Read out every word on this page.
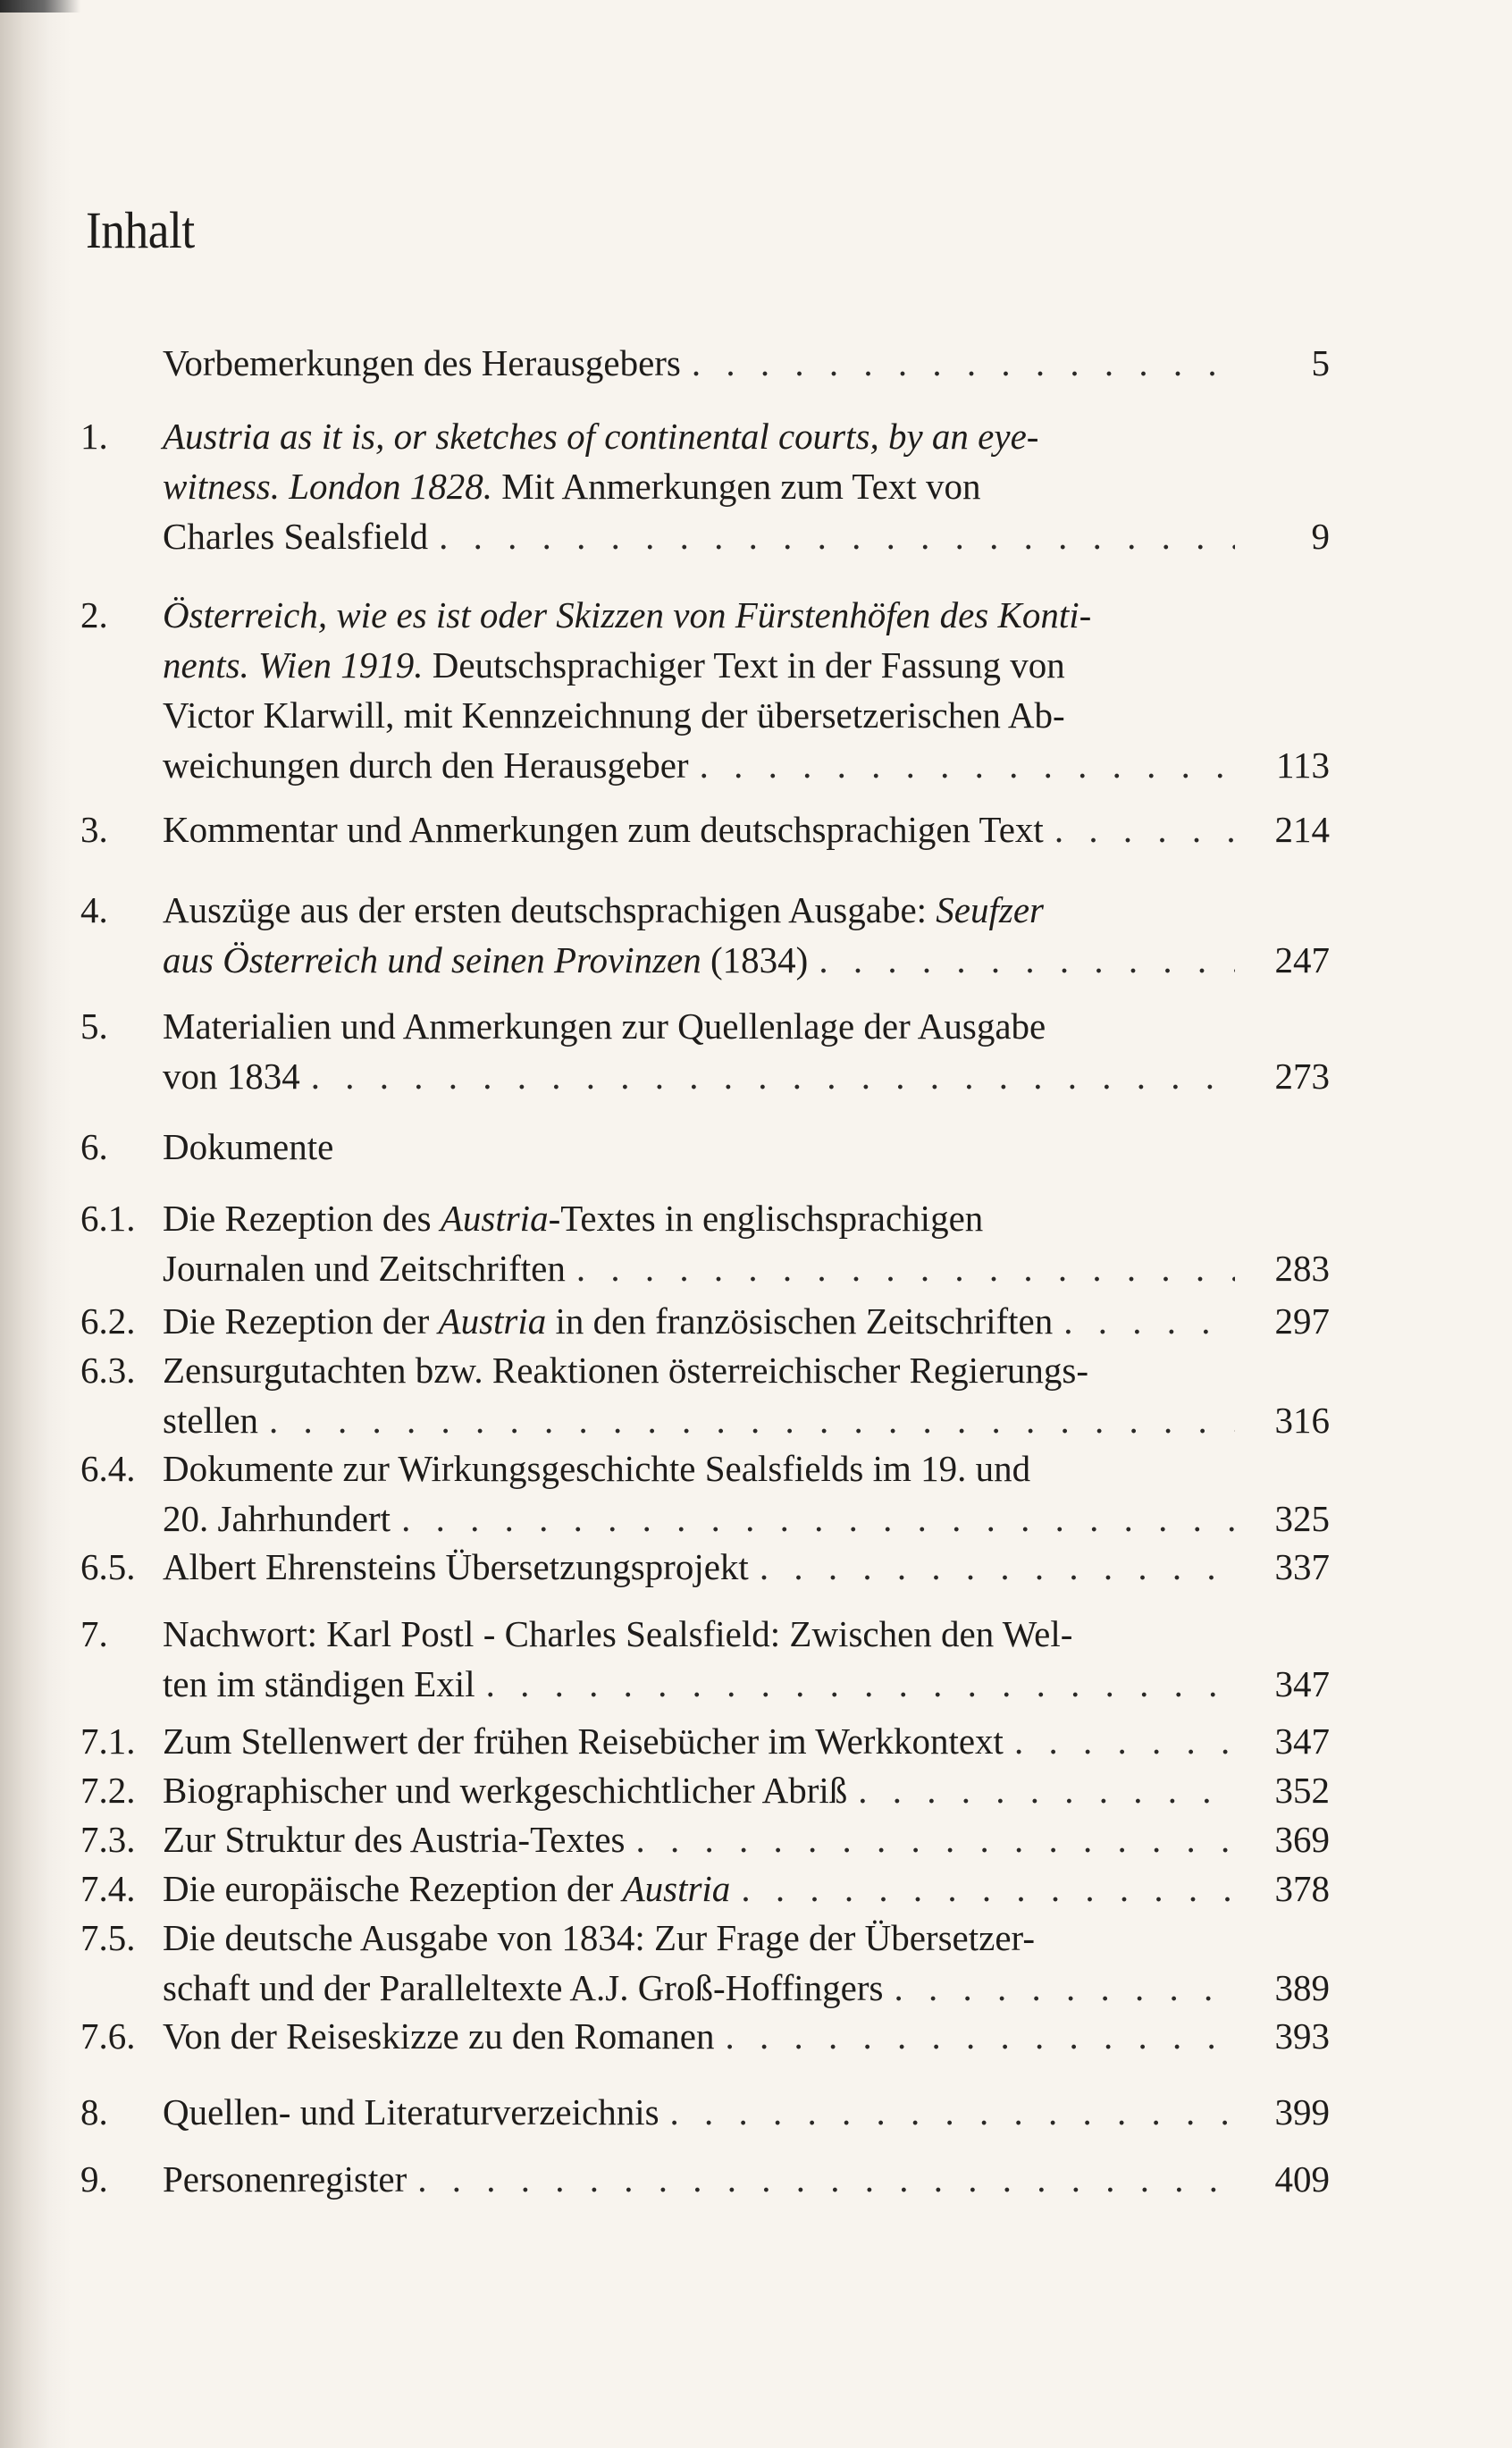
Inhalt
Vorbemerkungen des Herausgebers . . .	5
1. Austria as it is, or sketches of continental courts, by an eye-
witness. London 1828. Mit Anmerkungen zum Text von
Charles Sealsfield . . .	9
2. Österreich, wie es ist oder Skizzen von Fürstenhöfen des Konti-
nents. Wien 1919. Deutschsprachiger Text in der Fassung von
Victor Klarwill, mit Kennzeichnung der übersetzerischen Ab-
weichungen durch den Herausgeber . . .	113
3. Kommentar und Anmerkungen zum deutschsprachigen Text . . .	214
4. Auszüge aus der ersten deutschsprachigen Ausgabe: Seufzer
aus Österreich und seinen Provinzen (1834) . . .	247
5. Materialien und Anmerkungen zur Quellenlage der Ausgabe
von 1834 . . .	273
6. Dokumente
6.1. Die Rezeption des Austria-Textes in englischsprachigen
Journalen und Zeitschriften . . .	283
6.2. Die Rezeption der Austria in den französischen Zeitschriften . . .	297
6.3. Zensurgutachten bzw. Reaktionen österreichischer Regierungs-
stellen . . .	316
6.4. Dokumente zur Wirkungsgeschichte Sealsfields im 19. und
20. Jahrhundert . . .	325
6.5. Albert Ehrensteins Übersetzungsprojekt . . .	337
7. Nachwort: Karl Postl - Charles Sealsfield: Zwischen den Wel-
ten im ständigen Exil . . .	347
7.1. Zum Stellenwert der frühen Reisebücher im Werkkontext . . .	347
7.2. Biographischer und werkgeschichtlicher Abriß . . .	352
7.3. Zur Struktur des Austria-Textes . . .	369
7.4. Die europäische Rezeption der Austria . . .	378
7.5. Die deutsche Ausgabe von 1834: Zur Frage der Übersetzer-
schaft und der Paralleltexte A.J. Groß-Hoffingers . . .	389
7.6. Von der Reiseskizze zu den Romanen . . .	393
8. Quellen- und Literaturverzeichnis . . .	399
9. Personenregister . . .	409
